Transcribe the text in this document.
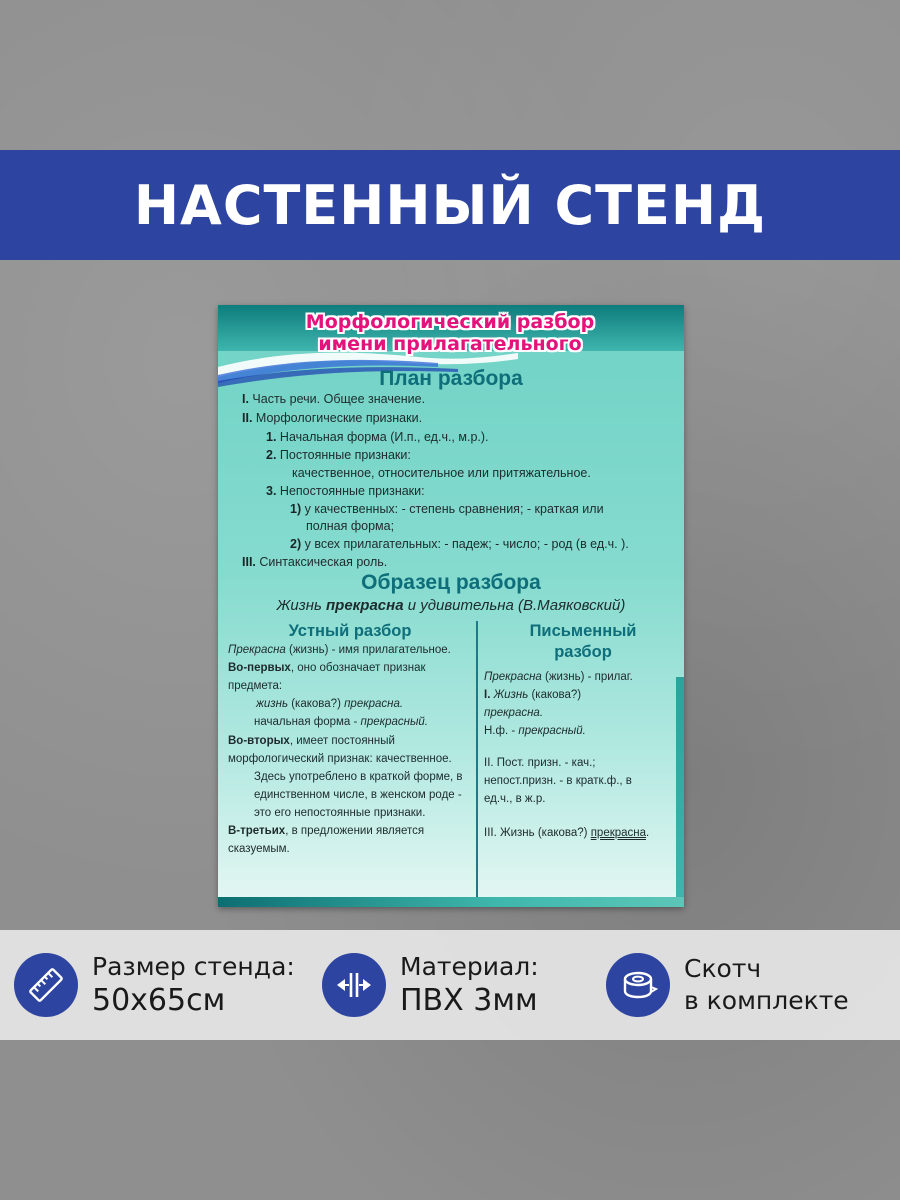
НАСТЕННЫЙ СТЕНД
Морфологический разбор
имени прилагательного
План разбора
I. Часть речи. Общее значение.
II. Морфологические признаки.
1. Начальная форма (И.п., ед.ч., м.р.).
2. Постоянные признаки:
качественное, относительное или притяжательное.
3. Непостоянные признаки:
1) у качественных: - степень сравнения; - краткая или
полная форма;
2) у всех прилагательных: - падеж; - число; - род (в ед.ч. ).
III. Синтаксическая роль.
Образец разбора
Жизнь прекрасна и удивительна (В.Маяковский)
Устный разбор
Прекрасна (жизнь) - имя прилагательное.
Во-первых, оно обозначает признак
предмета:
жизнь (какова?) прекрасна.
начальная форма - прекрасный.
Во-вторых, имеет постоянный
морфологический признак: качественное.
Здесь употреблено в краткой форме, в
единственном числе, в женском роде -
это его непостоянные признаки.
В-третьих, в предложении является
сказуемым.
Письменный
разбор
Прекрасна (жизнь) - прилаг.
I. Жизнь (какова?)
прекрасна.
Н.ф. - прекрасный.
II. Пост. призн. - кач.;
непост.призн. - в кратк.ф., в
ед.ч., в ж.р.
III. Жизнь (какова?) прекрасна.
Размер стенда:
50х65см
Материал:
ПВХ 3мм
Скотч
в комплекте
